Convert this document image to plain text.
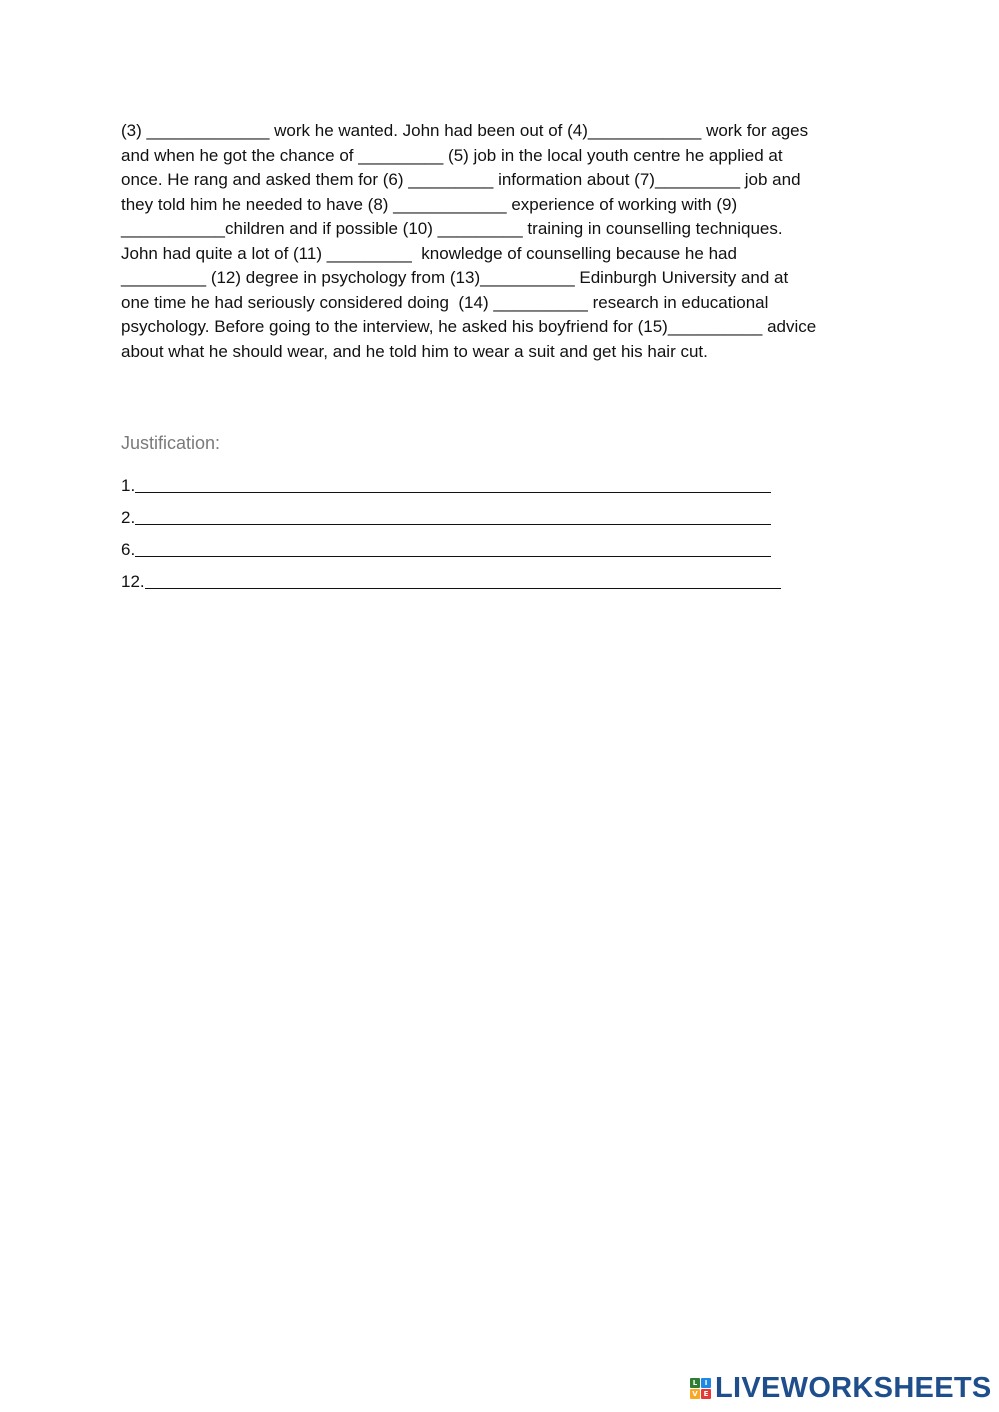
(3) _____________ work he wanted. John had been out of (4)____________ work for ages
and when he got the chance of _________ (5) job in the local youth centre he applied at
once. He rang and asked them for (6) _________ information about (7)_________ job and
they told him he needed to have (8) ____________ experience of working with (9)
___________children and if possible (10) _________ training in counselling techniques.
John had quite a lot of (11) _________  knowledge of counselling because he had
_________ (12) degree in psychology from (13)__________ Edinburgh University and at
one time he had seriously considered doing  (14) __________ research in educational
psychology. Before going to the interview, he asked his boyfriend for (15)__________ advice
about what he should wear, and he told him to wear a suit and get his hair cut.

Justification:

1.
2.
6.
12.
L	I
V E LIVEWORKSHEETS
